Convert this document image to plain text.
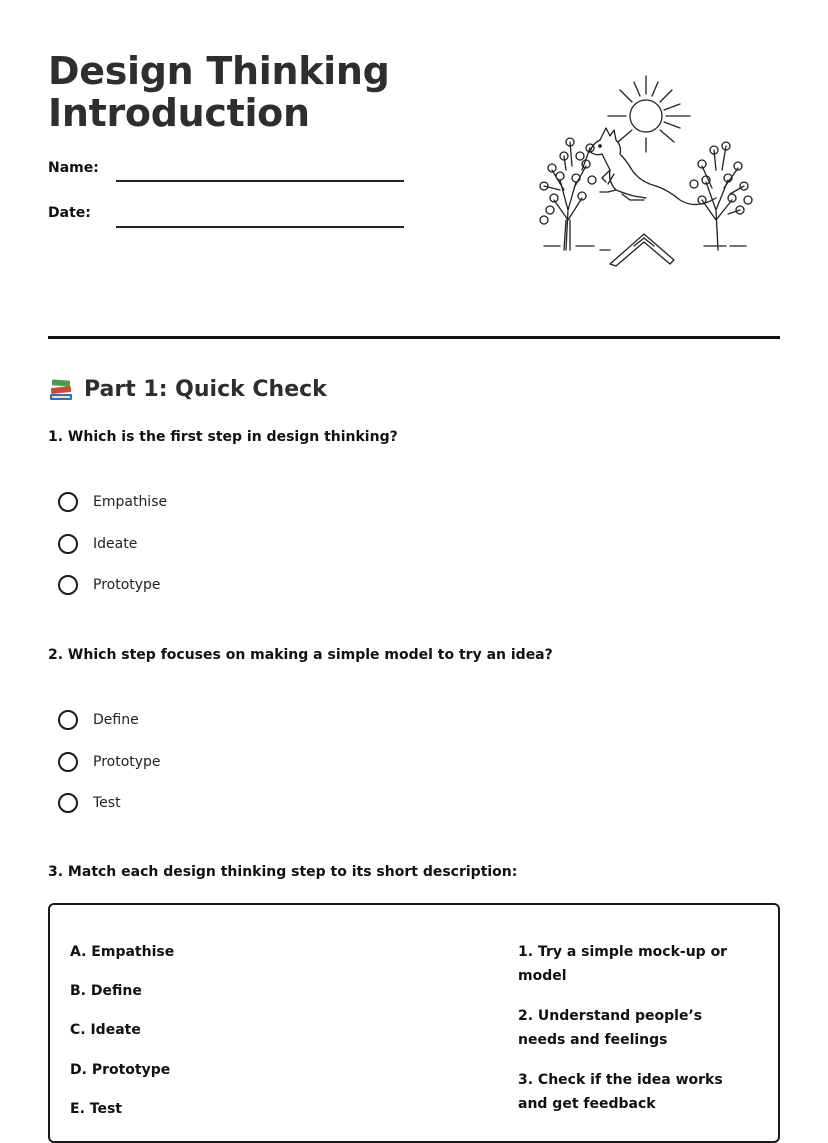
Design Thinking
Introduction
Name:
Date:
Part 1: Quick Check
1. Which is the first step in design thinking?
Empathise
Ideate
Prototype
2. Which step focuses on making a simple model to try an idea?
Define
Prototype
Test
3. Match each design thinking step to its short description:
A. Empathise
B. Define
C. Ideate
D. Prototype
E. Test
1. Try a simple mock-up or model
2. Understand people’s needs and feelings
3. Check if the idea works and get feedback
